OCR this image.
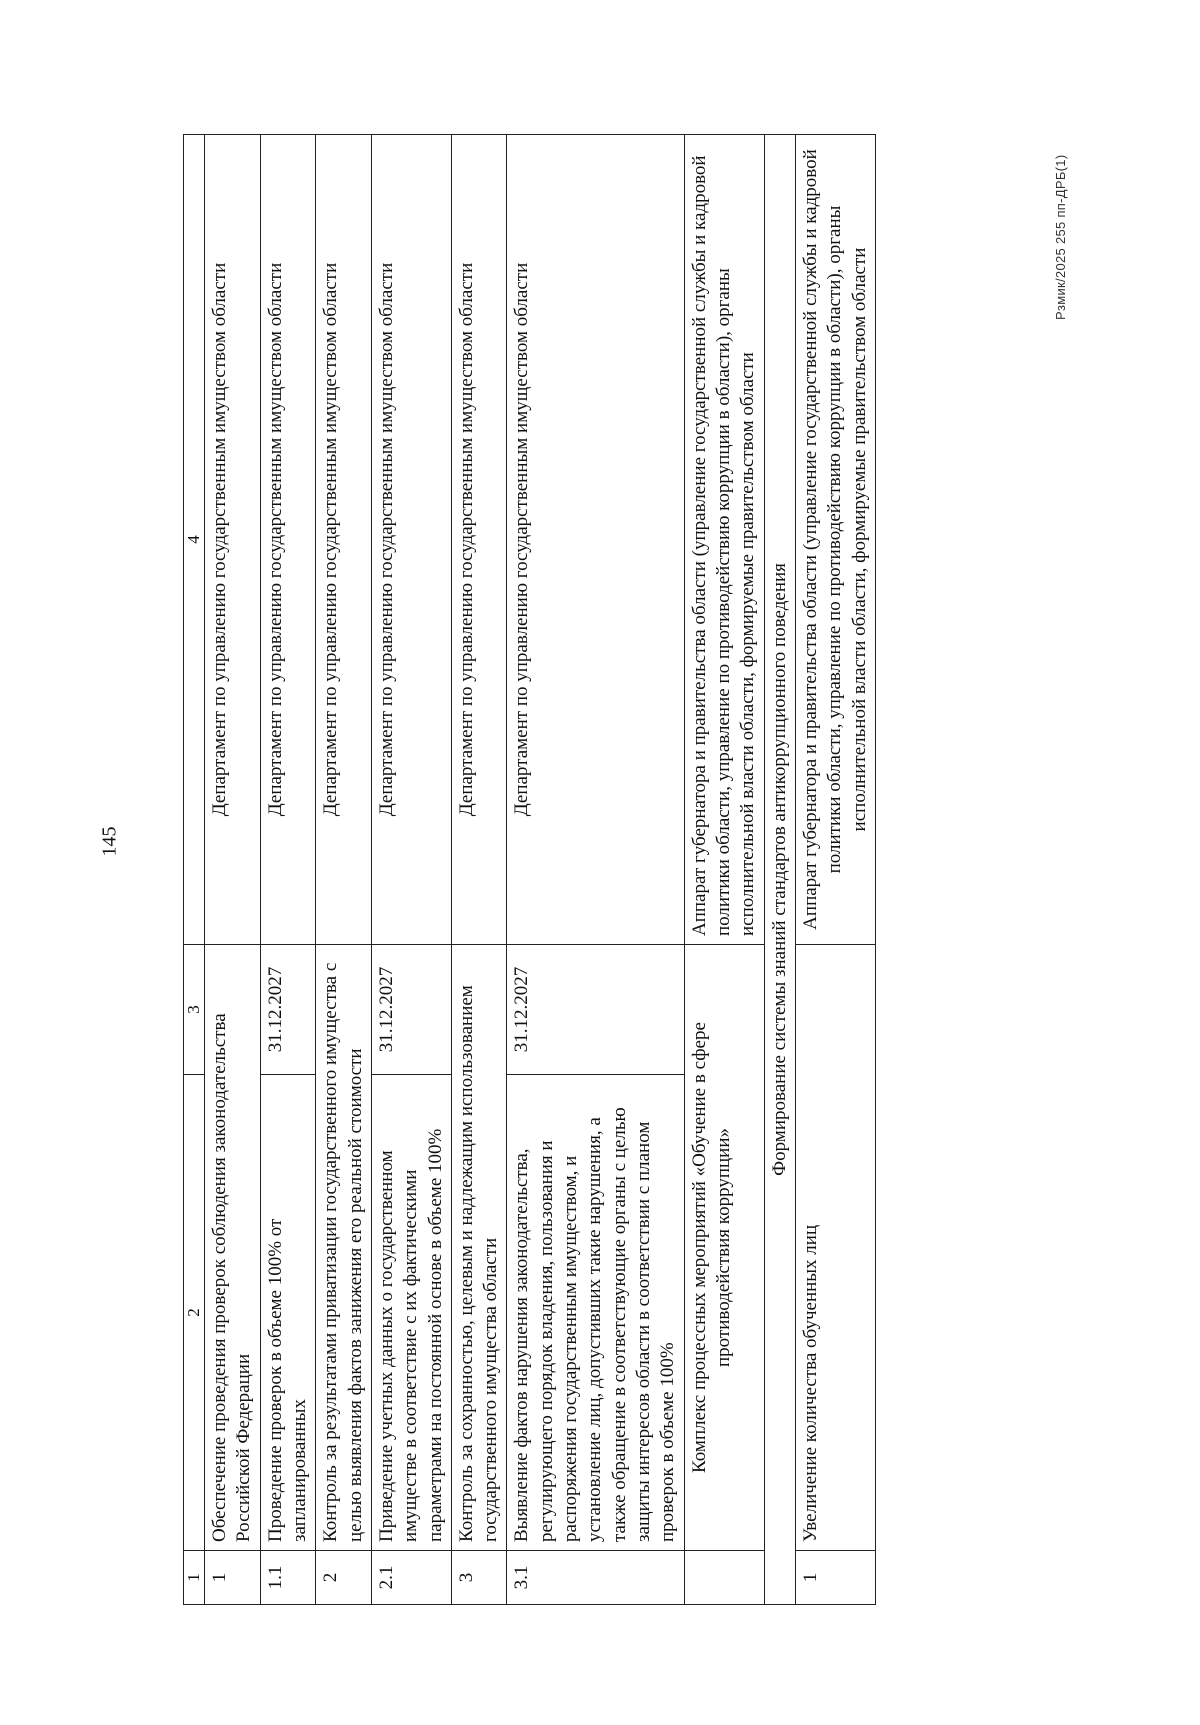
145
Рзмик/2025 255 пп-ДРБ(1)
1	2	3	4
1	Обеспечение проведения проверок соблюдения законодательства Российской Федерации		Департамент по управлению государственным имуществом области
1.1	Проведение проверок в объеме 100% от запланированных	31.12.2027	Департамент по управлению государственным имуществом области
2	Контроль за результатами приватизации государственного имущества с целью выявления фактов занижения его реальной стоимости		Департамент по управлению государственным имуществом области
2.1	Приведение учетных данных о государственном имуществе в соответствие с их фактическими параметрами на постоянной основе в объеме 100%	31.12.2027	Департамент по управлению государственным имуществом области
3	Контроль за сохранностью, целевым и надлежащим использованием государственного имущества области		Департамент по управлению государственным имуществом области
3.1	Выявление фактов нарушения законодательства, регулирующего порядок владения, пользования и распоряжения государственным имуществом, и установление лиц, допустивших такие нарушения, а также обращение в соответствующие органы с целью защиты интересов области в соответствии с планом проверок в объеме 100%	31.12.2027	Департамент по управлению государственным имуществом области
	Комплекс процессных мероприятий «Обучение в сфере противодействия коррупции»		Аппарат губернатора и правительства области (управление государственной службы и кадровой политики области, управление по противодействию коррупции в области), органы исполнительной власти области, формируемые правительством области
Формирование системы знаний стандартов антикоррупционного поведения			
1	Увеличение количества обученных лиц		Аппарат губернатора и правительства области (управление государственной службы и кадровой политики области, управление по противодействию коррупции в области), органы исполнительной власти области, формируемые правительством области
